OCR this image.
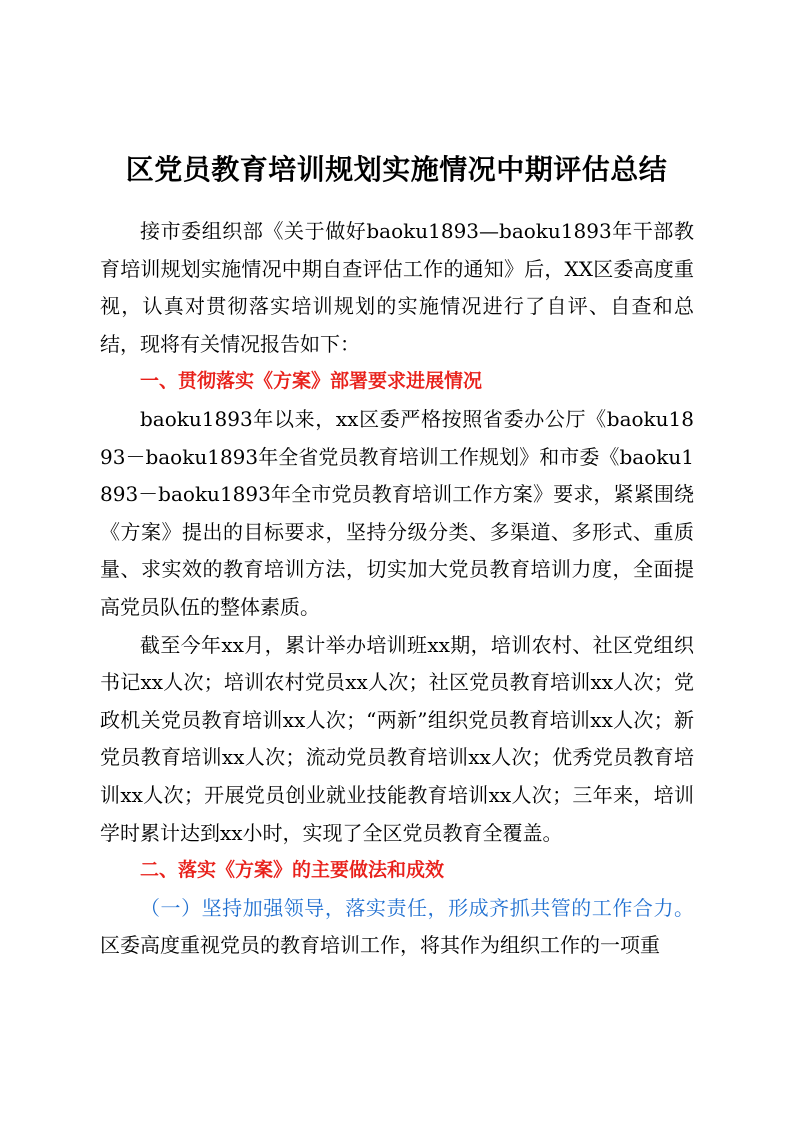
区党员教育培训规划实施情况中期评估总结

接市委组织部《关于做好baoku1893—baoku1893年干部教育培训规划实施情况中期自查评估工作的通知》后，XX区委高度重视，认真对贯彻落实培训规划的实施情况进行了自评、自查和总结，现将有关情况报告如下：

一、贯彻落实《方案》部署要求进展情况

baoku1893年以来，xx区委严格按照省委办公厅《baoku1893－baoku1893年全省党员教育培训工作规划》和市委《baoku1893－baoku1893年全市党员教育培训工作方案》要求，紧紧围绕《方案》提出的目标要求，坚持分级分类、多渠道、多形式、重质量、求实效的教育培训方法，切实加大党员教育培训力度，全面提高党员队伍的整体素质。

截至今年xx月，累计举办培训班xx期，培训农村、社区党组织书记xx人次；培训农村党员xx人次；社区党员教育培训xx人次；党政机关党员教育培训xx人次；“两新”组织党员教育培训xx人次；新党员教育培训xx人次；流动党员教育培训xx人次；优秀党员教育培训xx人次；开展党员创业就业技能教育培训xx人次；三年来，培训学时累计达到xx小时，实现了全区党员教育全覆盖。

二、落实《方案》的主要做法和成效

（一）坚持加强领导，落实责任，形成齐抓共管的工作合力。区委高度重视党员的教育培训工作，将其作为组织工作的一项重
